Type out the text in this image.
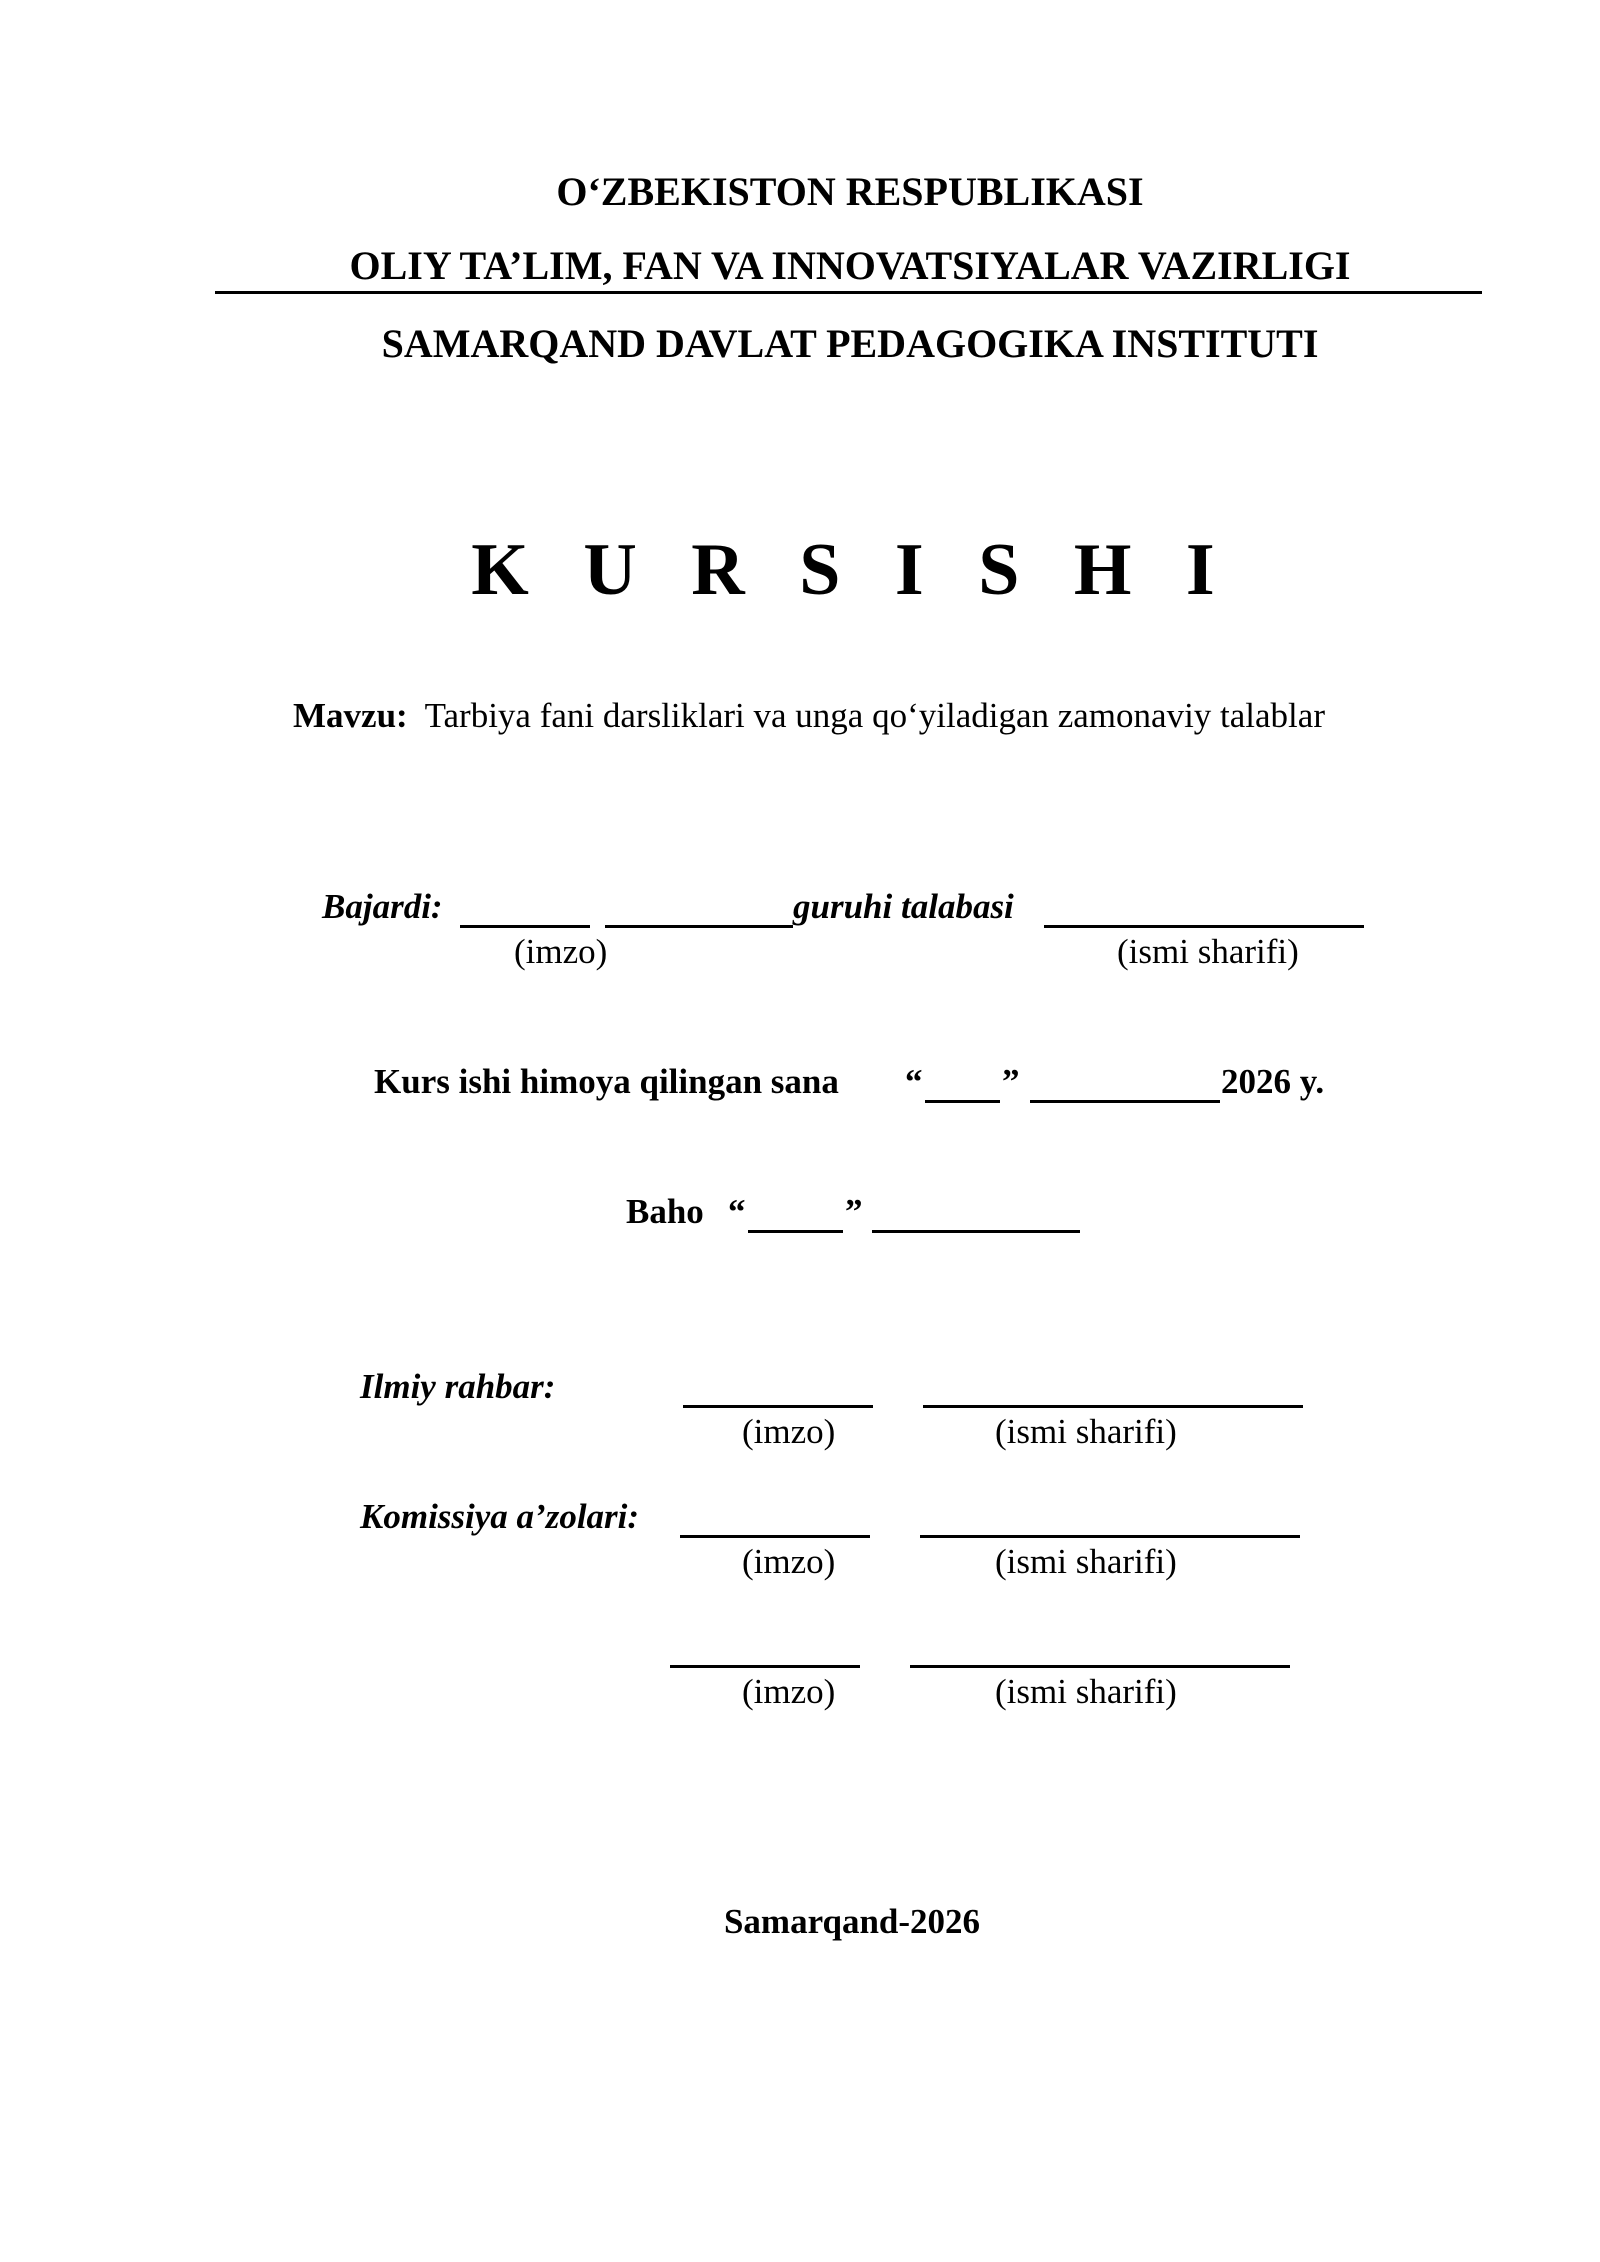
O‘ZBEKISTON RESPUBLIKASI
OLIY TA’LIM, FAN VA INNOVATSIYALAR VAZIRLIGI
SAMARQAND DAVLAT PEDAGOGIKA INSTITUTI
K U R S I S H I
Mavzu: Tarbiya fani darsliklari va unga qo‘yiladigan zamonaviy talablar
Bajardi:	guruhi talabasi
(imzo)	(ismi sharifi)
Kurs ishi himoya qilingan sana “ ”	2026 y.
Baho “	”
Ilmiy rahbar:
(imzo)	(ismi sharifi)
Komissiya a’zolari:
(imzo)	(ismi sharifi)
(imzo)	(ismi sharifi)
Samarqand-2026
